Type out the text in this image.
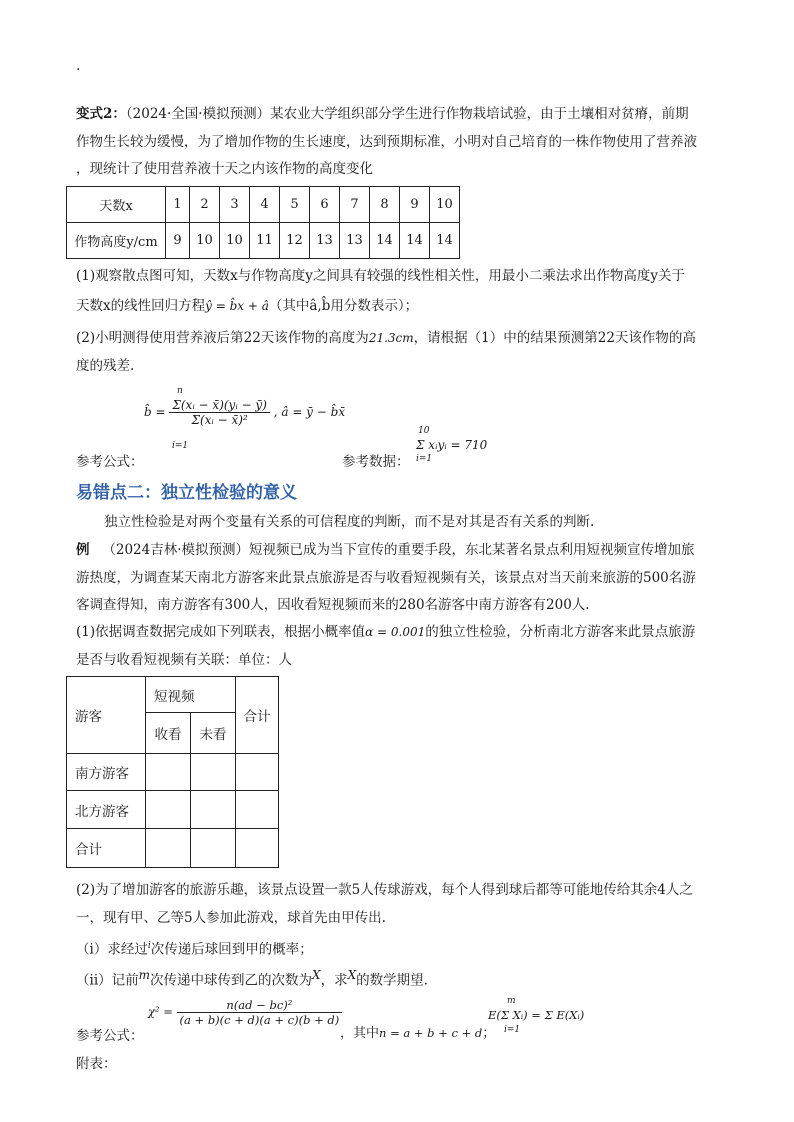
.
变式2：（2024·全国·模拟预测）某农业大学组织部分学生进行作物栽培试验，由于土壤相对贫瘠，前期
作物生长较为缓慢，为了增加作物的生长速度，达到预期标准，小明对自己培育的一株作物使用了营养液
，现统计了使用营养液十天之内该作物的高度变化
天数x	1	2	3	4	5	6	7	8	9	10
作物高度y/cm	9	10	10	11	12	13	13	14	14	14
(1)观察散点图可知，天数x与作物高度y之间具有较强的线性相关性，用最小二乘法求出作物高度y关于
天数x的线性回归方程ŷ = b̂x + â（其中â,b̂用分数表示）；
(2)小明测得使用营养液后第22天该作物的高度为21.3cm，请根据（1）中的结果预测第22天该作物的高
度的残差.
b̂ = $\frac{\text{Σ(xᵢ − x̄)(yᵢ − ȳ)}}{\text{Σ(xᵢ − x̄)²}}$ , â = ȳ − b̂x̄
n
i=1
参考公式：	参考数据：
Σ xᵢyᵢ = 710
10
i=1
易错点二：独立性检验的意义
独立性检验是对两个变量有关系的可信程度的判断，而不是对其是否有关系的判断.
例 （2024吉林·模拟预测）短视频已成为当下宣传的重要手段，东北某著名景点利用短视频宣传增加旅
游热度，为调查某天南北方游客来此景点旅游是否与收看短视频有关，该景点对当天前来旅游的500名游
客调查得知，南方游客有300人，因收看短视频而来的280名游客中南方游客有200人.
(1)依据调查数据完成如下列联表，根据小概率值α = 0.001的独立性检验，分析南北方游客来此景点旅游
是否与收看短视频有关联：单位：人
游客	短视频		合计
	收看	未看	
南方游客			
北方游客			
合计			
(2)为了增加游客的旅游乐趣，该景点设置一款5人传球游戏，每个人得到球后都等可能地传给其余4人之
一，现有甲、乙等5人参加此游戏，球首先由甲传出.
（i）求经过$^i$次传递后球回到甲的概率；
（ii）记前m次传递中球传到乙的次数为X，求X的数学期望.
参考公式：
$\chi^2 = \frac{\text{n(ad − bc)²}}{(a + b)(c + d)(a + c)(b + d)}$
，其中n = a + b + c + d；
E(Σ Xᵢ) = Σ E(Xᵢ)
m
i=1
附表：
